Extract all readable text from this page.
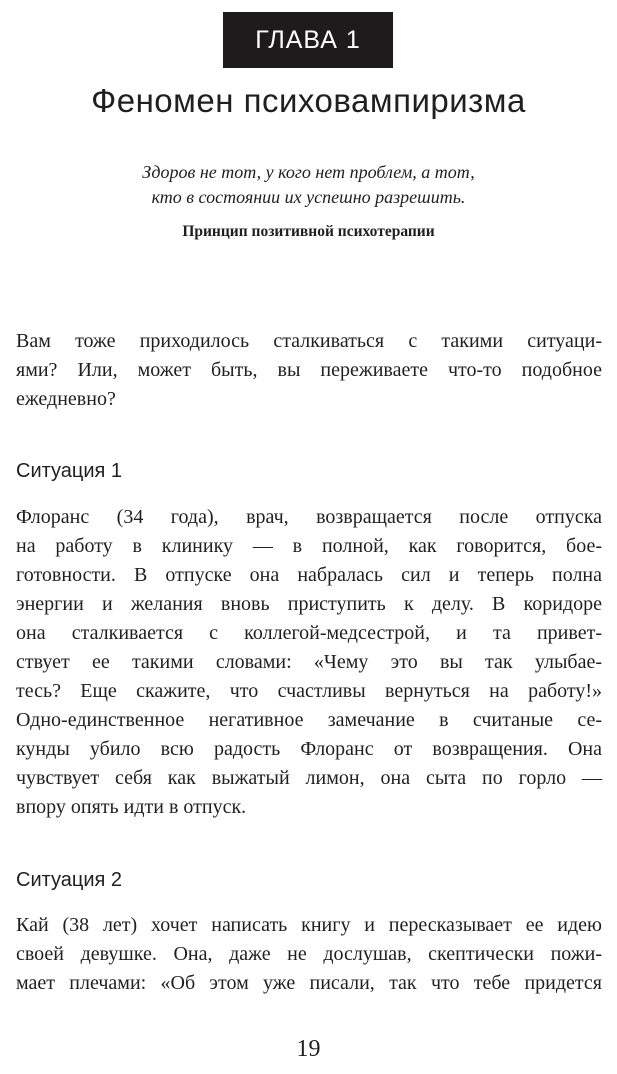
ГЛАВА 1
Феномен психовампиризма

Здоров не тот, у кого нет проблем, а тот,
кто в состоянии их успешно разрешить.

Принцип позитивной психотерапии

Вам тоже приходилось сталкиваться с такими ситуаци-
ями? Или, может быть, вы переживаете что-то подобное
ежедневно?
Ситуация 1
Флоранс (34 года), врач, возвращается после отпуска
на работу в клинику — в полной, как говорится, бое-
готовности. В отпуске она набралась сил и теперь полна
энергии и желания вновь приступить к делу. В коридоре
она сталкивается с коллегой-медсестрой, и та привет-
ствует ее такими словами: «Чему это вы так улыбае-
тесь? Еще скажите, что счастливы вернуться на работу!»
Одно-единственное негативное замечание в считаные се-
кунды убило всю радость Флоранс от возвращения. Она
чувствует себя как выжатый лимон, она сыта по горло —
впору опять идти в отпуск.
Ситуация 2
Кай (38 лет) хочет написать книгу и пересказывает ее идею
своей девушке. Она, даже не дослушав, скептически пожи-
мает плечами: «Об этом уже писали, так что тебе придется
19
